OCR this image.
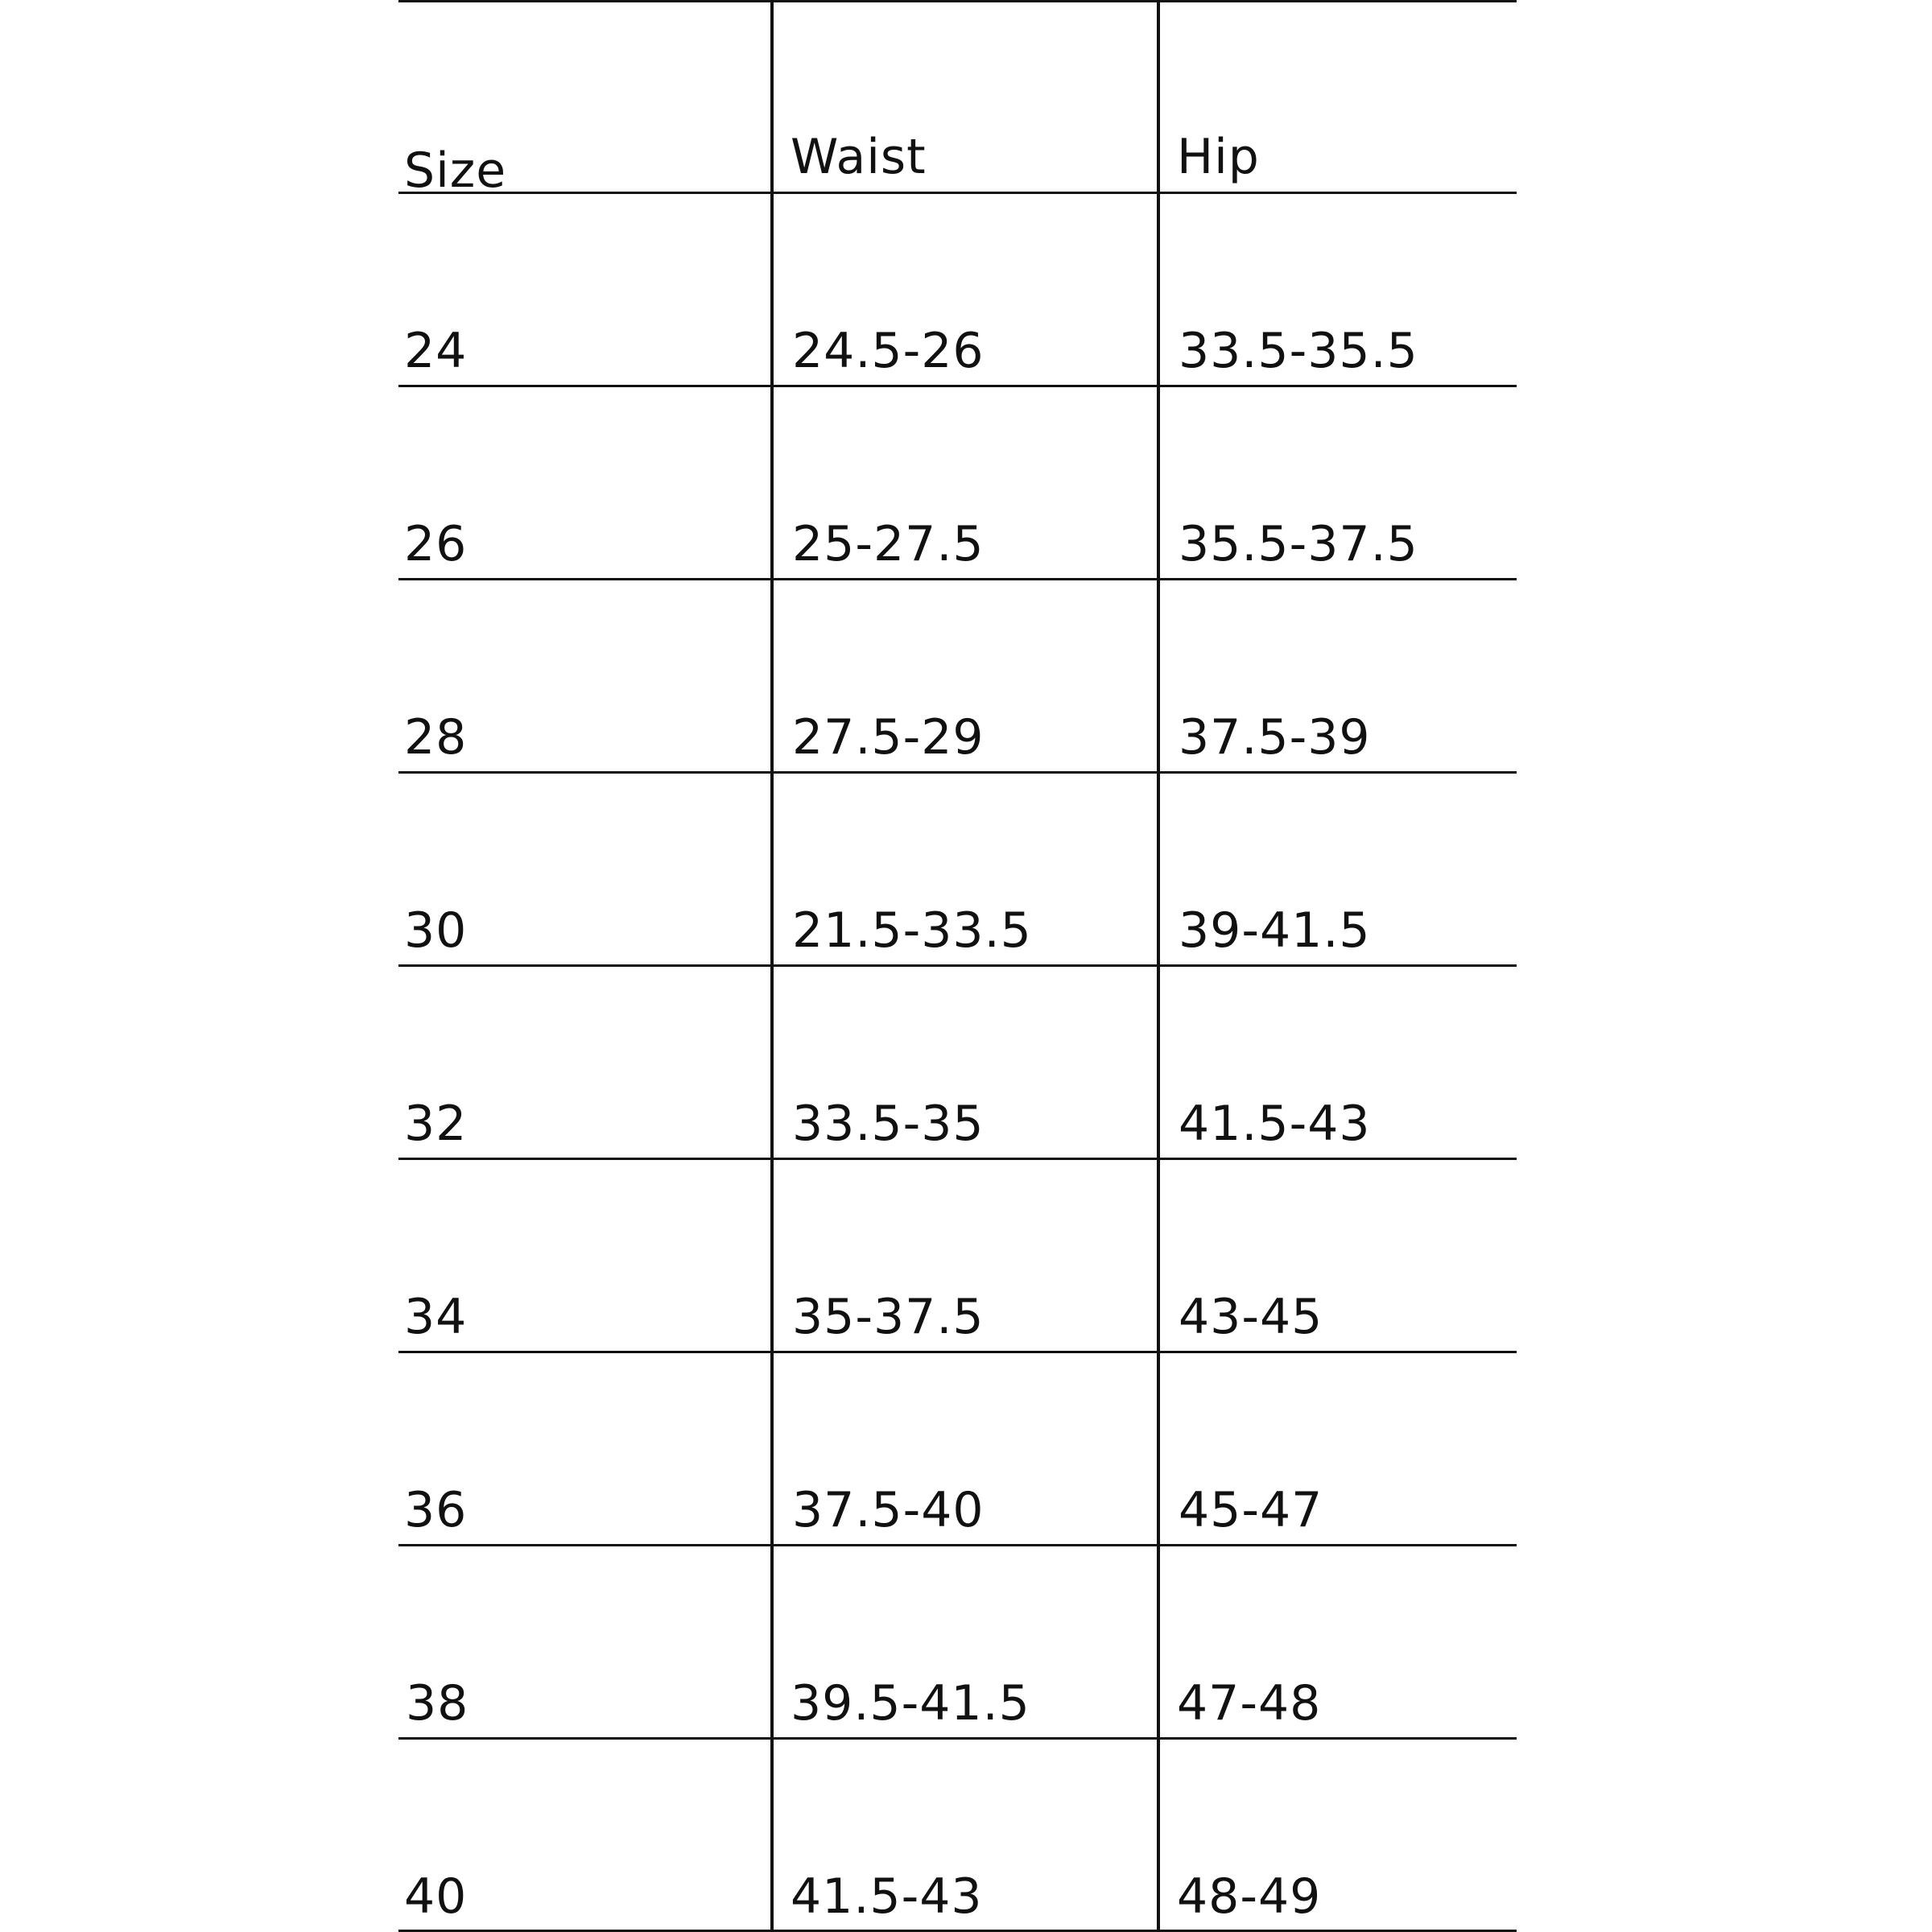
Size	Waist	Hip
24	24.5-26	33.5-35.5
26	25-27.5	35.5-37.5
28	27.5-29	37.5-39
30	21.5-33.5	39-41.5
32	33.5-35	41.5-43
34	35-37.5	43-45
36	37.5-40	45-47
38	39.5-41.5	47-48
40	41.5-43	48-49
